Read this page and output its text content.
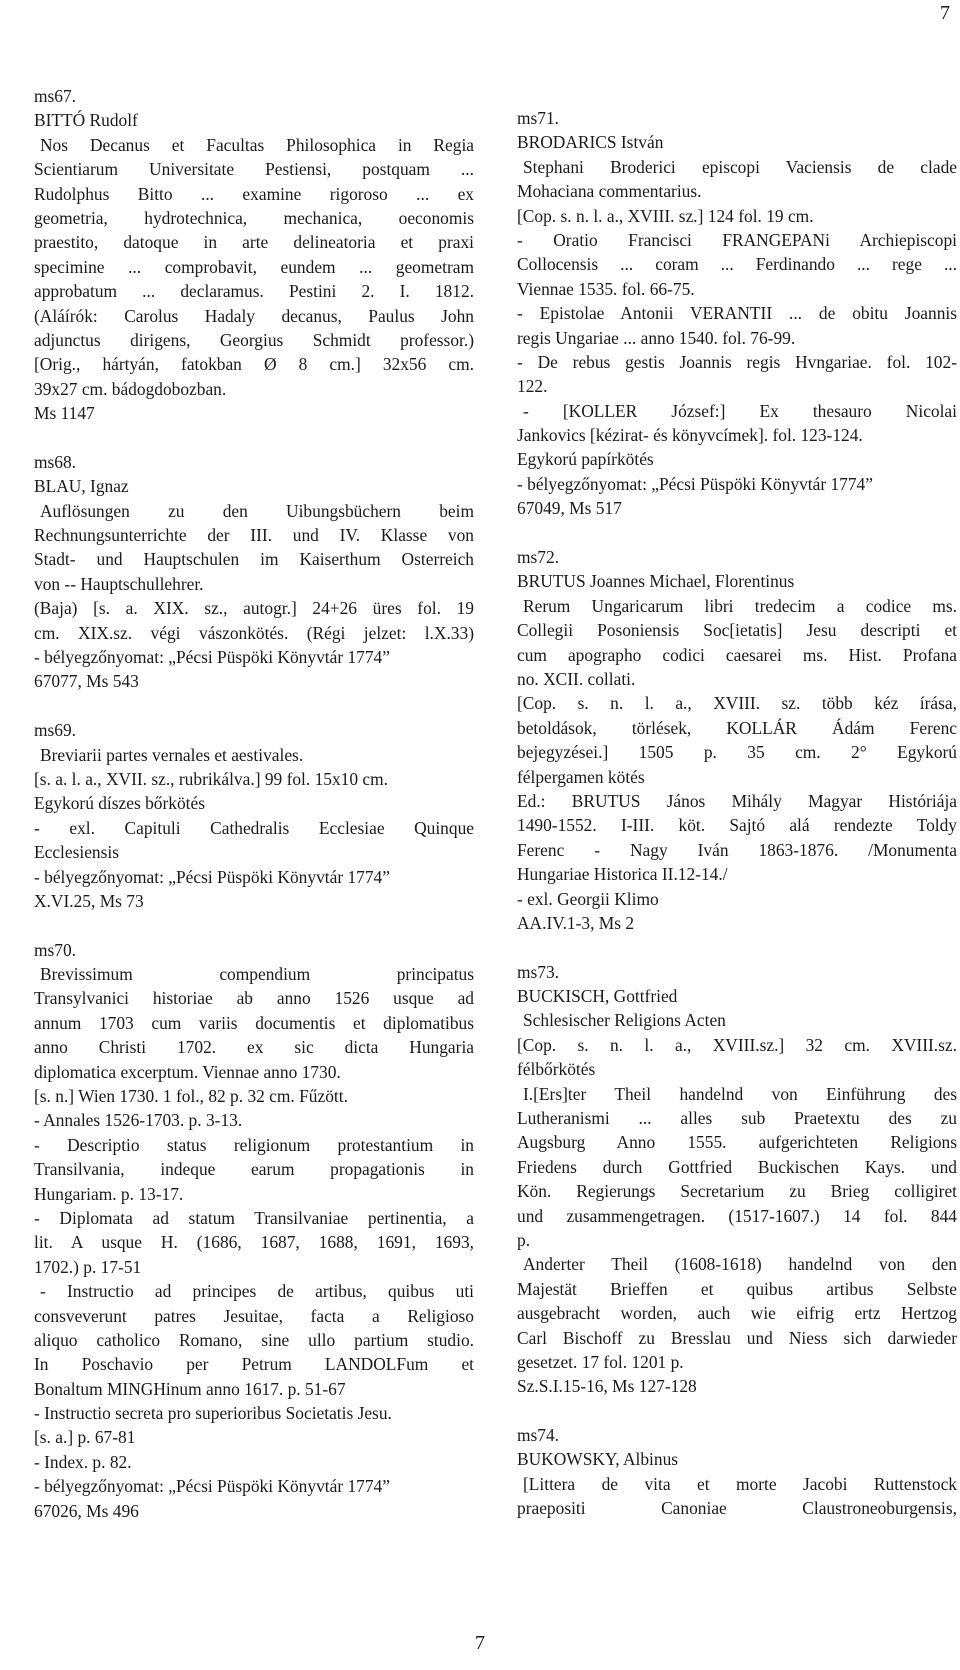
7
ms67.
BITTÓ Rudolf
Nos Decanus et Facultas Philosophica in Regia
Scientiarum Universitate Pestiensi, postquam ...
Rudolphus Bitto ... examine rigoroso ... ex
geometria, hydrotechnica, mechanica, oeconomis
praestito, datoque in arte delineatoria et praxi
specimine ... comprobavit, eundem ... geometram
approbatum ... declaramus. Pestini 2. I. 1812.
(Aláírók: Carolus Hadaly decanus, Paulus John
adjunctus dirigens, Georgius Schmidt professor.)
[Orig., hártyán, fatokban Ø 8 cm.] 32x56 cm.
39x27 cm. bádogdobozban.
Ms 1147
ms68.
BLAU, Ignaz
Auflösungen zu den Uibungsbüchern beim
Rechnungsunterrichte der III. und IV. Klasse von
Stadt- und Hauptschulen im Kaiserthum Osterreich
von -- Hauptschullehrer.
(Baja) [s. a. XIX. sz., autogr.] 24+26 üres fol. 19
cm. XIX.sz. végi vászonkötés. (Régi jelzet: l.X.33)
- bélyegzőnyomat: „Pécsi Püspöki Könyvtár 1774”
67077, Ms 543
ms69.
Breviarii partes vernales et aestivales.
[s. a. l. a., XVII. sz., rubrikálva.] 99 fol. 15x10 cm.
Egykorú díszes bőrkötés
- exl. Capituli Cathedralis Ecclesiae Quinque
Ecclesiensis
- bélyegzőnyomat: „Pécsi Püspöki Könyvtár 1774”
X.VI.25, Ms 73
ms70.
Brevissimum compendium principatus
Transylvanici historiae ab anno 1526 usque ad
annum 1703 cum variis documentis et diplomatibus
anno Christi 1702. ex sic dicta Hungaria
diplomatica excerptum. Viennae anno 1730.
[s. n.] Wien 1730. 1 fol., 82 p. 32 cm. Fűzött.
- Annales 1526-1703. p. 3-13.
- Descriptio status religionum protestantium in
Transilvania, indeque earum propagationis in
Hungariam. p. 13-17.
- Diplomata ad statum Transilvaniae pertinentia, a
lit. A usque H. (1686, 1687, 1688, 1691, 1693,
1702.) p. 17-51
- Instructio ad principes de artibus, quibus uti
consveverunt patres Jesuitae, facta a Religioso
aliquo catholico Romano, sine ullo partium studio.
In Poschavio per Petrum LANDOLFum et
Bonaltum MINGHinum anno 1617. p. 51-67
- Instructio secreta pro superioribus Societatis Jesu.
[s. a.] p. 67-81
- Index. p. 82.
- bélyegzőnyomat: „Pécsi Püspöki Könyvtár 1774”
67026, Ms 496
ms71.
BRODARICS István
Stephani Broderici episcopi Vaciensis de clade
Mohaciana commentarius.
[Cop. s. n. l. a., XVIII. sz.] 124 fol. 19 cm.
- Oratio Francisci FRANGEPANi Archiepiscopi
Collocensis ... coram ... Ferdinando ... rege ...
Viennae 1535. fol. 66-75.
- Epistolae Antonii VERANTII ... de obitu Joannis
regis Ungariae ... anno 1540. fol. 76-99.
- De rebus gestis Joannis regis Hvngariae. fol. 102-
122.
- [KOLLER József:] Ex thesauro Nicolai
Jankovics [kézirat- és könyvcímek]. fol. 123-124.
Egykorú papírkötés
- bélyegzőnyomat: „Pécsi Püspöki Könyvtár 1774”
67049, Ms 517
ms72.
BRUTUS Joannes Michael, Florentinus
Rerum Ungaricarum libri tredecim a codice ms.
Collegii Posoniensis Soc[ietatis] Jesu descripti et
cum apographo codici caesarei ms. Hist. Profana
no. XCII. collati.
[Cop. s. n. l. a., XVIII. sz. több kéz írása,
betoldások, törlések, KOLLÁR Ádám Ferenc
bejegyzései.] 1505 p. 35 cm. 2° Egykorú
félpergamen kötés
Ed.: BRUTUS János Mihály Magyar Históriája
1490-1552. I-III. köt. Sajtó alá rendezte Toldy
Ferenc - Nagy Iván 1863-1876. /Monumenta
Hungariae Historica II.12-14./
- exl. Georgii Klimo
AA.IV.1-3, Ms 2
ms73.
BUCKISCH, Gottfried
Schlesischer Religions Acten
[Cop. s. n. l. a., XVIII.sz.] 32 cm. XVIII.sz.
félbőrkötés
I.[Ers]ter Theil handelnd von Einführung des
Lutheranismi ... alles sub Praetextu des zu
Augsburg Anno 1555. aufgerichteten Religions
Friedens durch Gottfried Buckischen Kays. und
Kön. Regierungs Secretarium zu Brieg colligiret
und zusammengetragen. (1517-1607.) 14 fol. 844
p.
Anderter Theil (1608-1618) handelnd von den
Majestät Brieffen et quibus artibus Selbste
ausgebracht worden, auch wie eifrig ertz Hertzog
Carl Bischoff zu Bresslau und Niess sich darwieder
gesetzet. 17 fol. 1201 p.
Sz.S.I.15-16, Ms 127-128
ms74.
BUKOWSKY, Albinus
[Littera de vita et morte Jacobi Ruttenstock
praepositi Canoniae Claustroneoburgensis,
7
